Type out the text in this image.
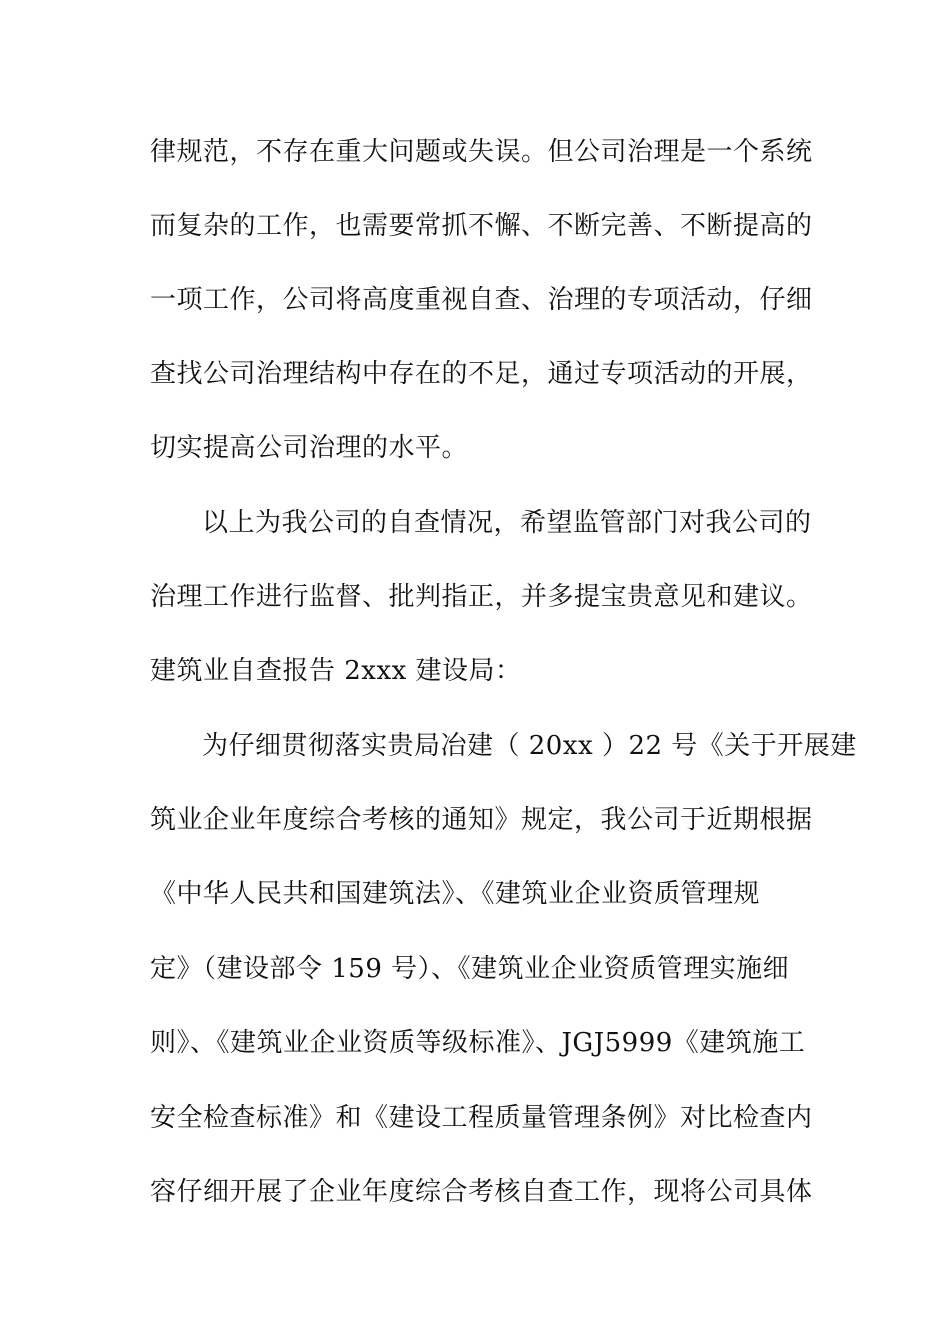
律规范，不存在重大问题或失误。但公司治理是一个系统
而复杂的工作，也需要常抓不懈、不断完善、不断提高的
一项工作，公司将高度重视自查、治理的专项活动，仔细
查找公司治理结构中存在的不足，通过专项活动的开展，
切实提高公司治理的水平。
以上为我公司的自查情况，希望监管部门对我公司的
治理工作进行监督、批判指正，并多提宝贵意见和建议。
建筑业自查报告 2xxx 建设局：
为仔细贯彻落实贵局冶建（ 20xx ）22 号《关于开展建
筑业企业年度综合考核的通知》规定，我公司于近期根据
《中华人民共和国建筑法》、《建筑业企业资质管理规
定》（建设部令 159 号）、《建筑业企业资质管理实施细
则》、《建筑业企业资质等级标准》、JGJ5999《建筑施工
安全检查标准》和《建设工程质量管理条例》对比检查内
容仔细开展了企业年度综合考核自查工作，现将公司具体
